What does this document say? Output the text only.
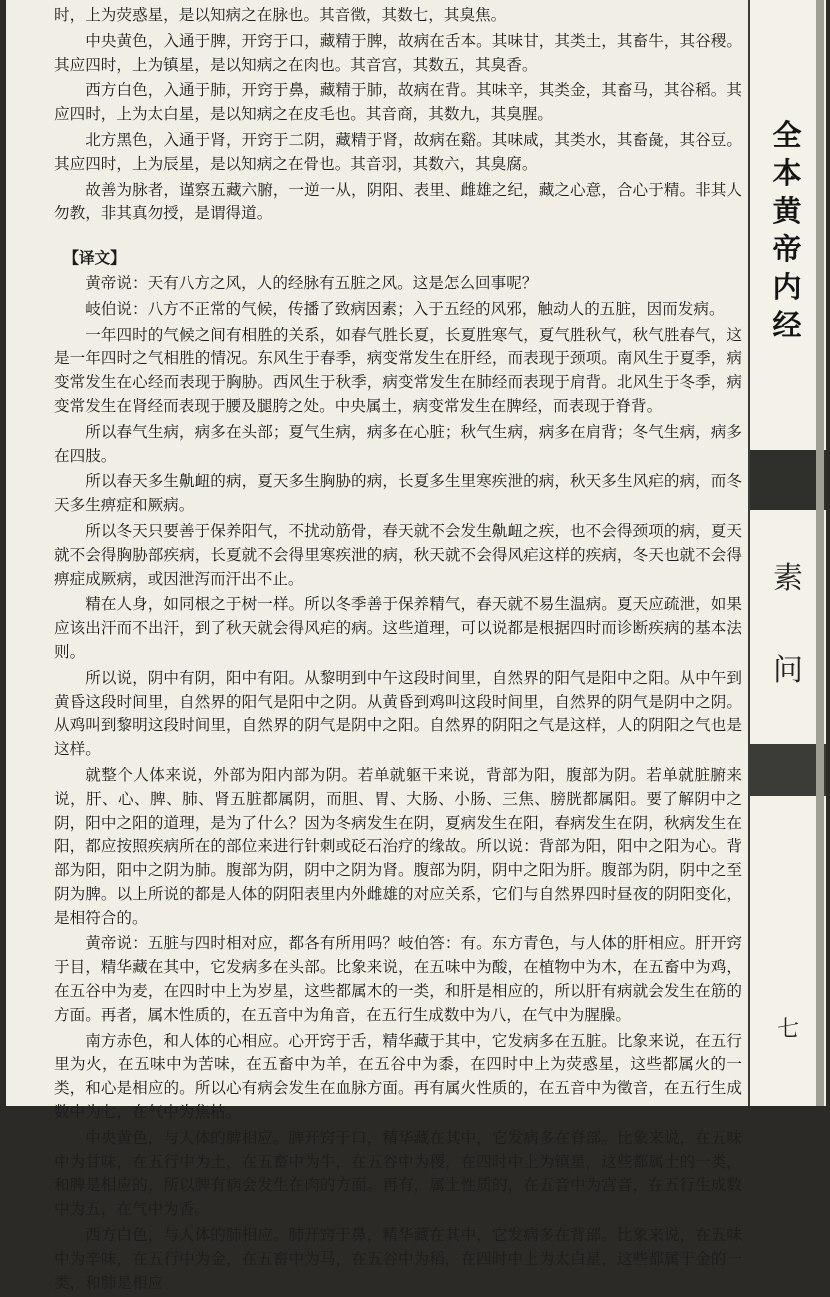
时，上为荧惑星，是以知病之在脉也。其音徵，其数七，其臭焦。

中央黄色，入通于脾，开窍于口，藏精于脾，故病在舌本。其味甘，其类土，其畜牛，其谷稷。其应四时，上为镇星，是以知病之在肉也。其音宫，其数五，其臭香。

西方白色，入通于肺，开窍于鼻，藏精于肺，故病在背。其味辛，其类金，其畜马，其谷稻。其应四时，上为太白星，是以知病之在皮毛也。其音商，其数九，其臭腥。

北方黑色，入通于肾，开窍于二阴，藏精于肾，故病在谿。其味咸，其类水，其畜彘，其谷豆。其应四时，上为辰星，是以知病之在骨也。其音羽，其数六，其臭腐。

故善为脉者，谨察五藏六腑，一逆一从，阴阳、表里、雌雄之纪，藏之心意，合心于精。非其人勿教，非其真勿授，是谓得道。

【译文】

黄帝说：天有八方之风，人的经脉有五脏之风。这是怎么回事呢？

岐伯说：八方不正常的气候，传播了致病因素；入于五经的风邪，触动人的五脏，因而发病。

一年四时的气候之间有相胜的关系，如春气胜长夏，长夏胜寒气，夏气胜秋气，秋气胜春气，这是一年四时之气相胜的情况。东风生于春季，病变常发生在肝经，而表现于颈项。南风生于夏季，病变常发生在心经而表现于胸胁。西风生于秋季，病变常发生在肺经而表现于肩背。北风生于冬季，病变常发生在肾经而表现于腰及腿胯之处。中央属土，病变常发生在脾经，而表现于脊背。

所以春气生病，病多在头部；夏气生病，病多在心脏；秋气生病，病多在肩背；冬气生病，病多在四肢。

所以春天多生鼽衄的病，夏天多生胸胁的病，长夏多生里寒疾泄的病，秋天多生风疟的病，而冬天多生痹症和厥病。

所以冬天只要善于保养阳气，不扰动筋骨，春天就不会发生鼽衄之疾，也不会得颈项的病，夏天就不会得胸胁部疾病，长夏就不会得里寒疾泄的病，秋天就不会得风疟这样的疾病，冬天也就不会得痹症成厥病，或因泄泻而汗出不止。

精在人身，如同根之于树一样。所以冬季善于保养精气，春天就不易生温病。夏天应疏泄，如果应该出汗而不出汗，到了秋天就会得风疟的病。这些道理，可以说都是根据四时而诊断疾病的基本法则。

所以说，阴中有阴，阳中有阳。从黎明到中午这段时间里，自然界的阳气是阳中之阳。从中午到黄昏这段时间里，自然界的阳气是阳中之阴。从黄昏到鸡叫这段时间里，自然界的阴气是阴中之阴。从鸡叫到黎明这段时间里，自然界的阴气是阴中之阳。自然界的阴阳之气是这样，人的阴阳之气也是这样。

就整个人体来说，外部为阳内部为阴。若单就躯干来说，背部为阳，腹部为阴。若单就脏腑来说，肝、心、脾、肺、肾五脏都属阴，而胆、胃、大肠、小肠、三焦、膀胱都属阳。要了解阴中之阴，阳中之阳的道理，是为了什么？因为冬病发生在阴，夏病发生在阳，春病发生在阴，秋病发生在阳，都应按照疾病所在的部位来进行针刺或砭石治疗的缘故。所以说：背部为阳，阳中之阳为心。背部为阳，阳中之阴为肺。腹部为阴，阴中之阴为肾。腹部为阴，阴中之阳为肝。腹部为阴，阴中之至阴为脾。以上所说的都是人体的阴阳表里内外雌雄的对应关系，它们与自然界四时昼夜的阴阳变化，是相符合的。

黄帝说：五脏与四时相对应，都各有所用吗？岐伯答：有。东方青色，与人体的肝相应。肝开窍于目，精华藏在其中，它发病多在头部。比象来说，在五味中为酸，在植物中为木，在五畜中为鸡，在五谷中为麦，在四时中上为岁星，这些都属木的一类，和肝是相应的，所以肝有病就会发生在筋的方面。再者，属木性质的，在五音中为角音，在五行生成数中为八，在气中为腥臊。

南方赤色，和人体的心相应。心开窍于舌，精华藏于其中，它发病多在五脏。比象来说，在五行里为火，在五味中为苦味，在五畜中为羊，在五谷中为黍，在四时中上为荧惑星，这些都属火的一类，和心是相应的。所以心有病会发生在血脉方面。再有属火性质的，在五音中为徵音，在五行生成数中为七，在气中为焦枯。

中央黄色，与人体的脾相应。脾开窍于口，精华藏在其中，它发病多在脊部。比象来说，在五味中为甘味，在五行中为土，在五畜中为牛，在五谷中为稷，在四时中上为镇星，这些都属土的一类，和脾是相应的，所以脾有病会发生在肉的方面。再有，属土性质的，在五音中为宫音，在五行生成数中为五，在气中为香。

西方白色，与人体的肺相应。肺开窍于鼻，精华藏在其中，它发病多在背部。比象来说，在五味中为辛味，在五行中为金，在五畜中为马，在五谷中为稻，在四时中上为太白星，这些都属于金的一类，和肺是相应

全
本
黄
帝
内
经
素
问
七
